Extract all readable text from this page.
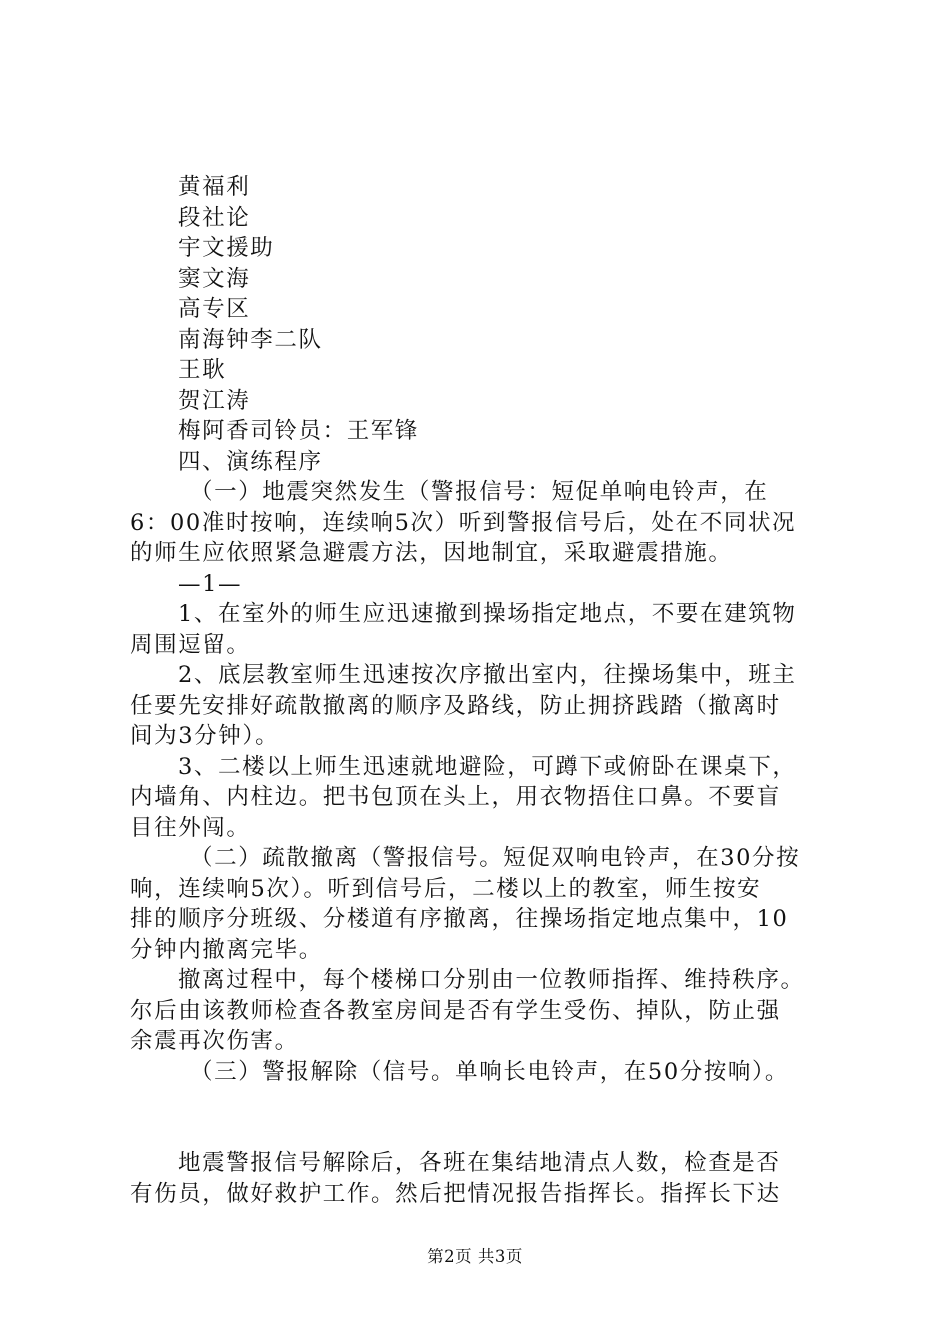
黄福利
段社论
宇文援助
窦文海
高专区
南海钟李二队
王耿
贺江涛
梅阿香司铃员：王军锋
四、演练程序
（一）地震突然发生（警报信号：短促单响电铃声，在
6：00准时按响，连续响5次）听到警报信号后，处在不同状况
的师生应依照紧急避震方法，因地制宜，采取避震措施。
—1—
1、在室外的师生应迅速撤到操场指定地点，不要在建筑物
周围逗留。
2、底层教室师生迅速按次序撤出室内，往操场集中，班主
任要先安排好疏散撤离的顺序及路线，防止拥挤践踏（撤离时
间为3分钟）。
3、二楼以上师生迅速就地避险，可蹲下或俯卧在课桌下，
内墙角、内柱边。把书包顶在头上，用衣物捂住口鼻。不要盲
目往外闯。
（二）疏散撤离（警报信号。短促双响电铃声，在30分按
响，连续响5次）。听到信号后，二楼以上的教室，师生按安
排的顺序分班级、分楼道有序撤离，往操场指定地点集中，10
分钟内撤离完毕。
撤离过程中，每个楼梯口分别由一位教师指挥、维持秩序。
尔后由该教师检查各教室房间是否有学生受伤、掉队，防止强
余震再次伤害。
（三）警报解除（信号。单响长电铃声，在50分按响）。
地震警报信号解除后，各班在集结地清点人数，检查是否
有伤员，做好救护工作。然后把情况报告指挥长。指挥长下达
第2页 共3页
